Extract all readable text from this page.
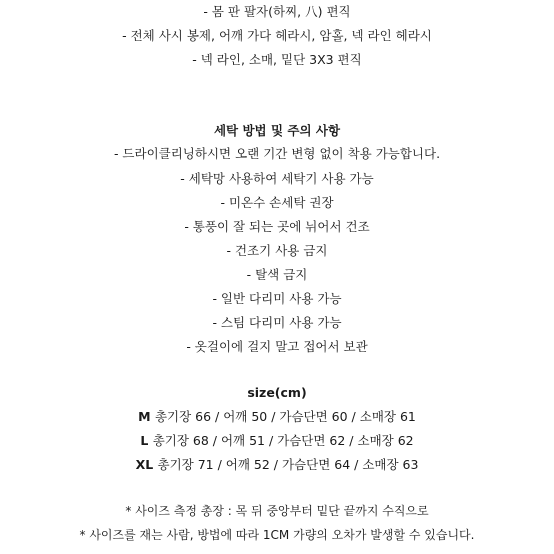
- 몸 판 팔자(하찌, 八) 편직
- 전체 사시 봉제, 어깨 가다 헤라시, 암홀, 넥 라인 헤라시
- 넥 라인, 소매, 밑단 3X3 편직
세탁 방법 및 주의 사항
- 드라이클리닝하시면 오랜 기간 변형 없이 착용 가능합니다.
- 세탁망 사용하여 세탁기 사용 가능
- 미온수 손세탁 권장
- 통풍이 잘 되는 곳에 뉘어서 건조
- 건조기 사용 금지
- 탈색 금지
- 일반 다리미 사용 가능
- 스팀 다리미 사용 가능
- 옷걸이에 걸지 말고 접어서 보관
size(cm)
M 총기장 66 / 어깨 50 / 가슴단면 60 / 소매장 61
L 총기장 68 / 어깨 51 / 가슴단면 62 / 소매장 62
XL 총기장 71 / 어깨 52 / 가슴단면 64 / 소매장 63
* 사이즈 측정 총장 : 목 뒤 중앙부터 밑단 끝까지 수직으로
* 사이즈를 재는 사람, 방법에 따라 1CM 가량의 오차가 발생할 수 있습니다.
